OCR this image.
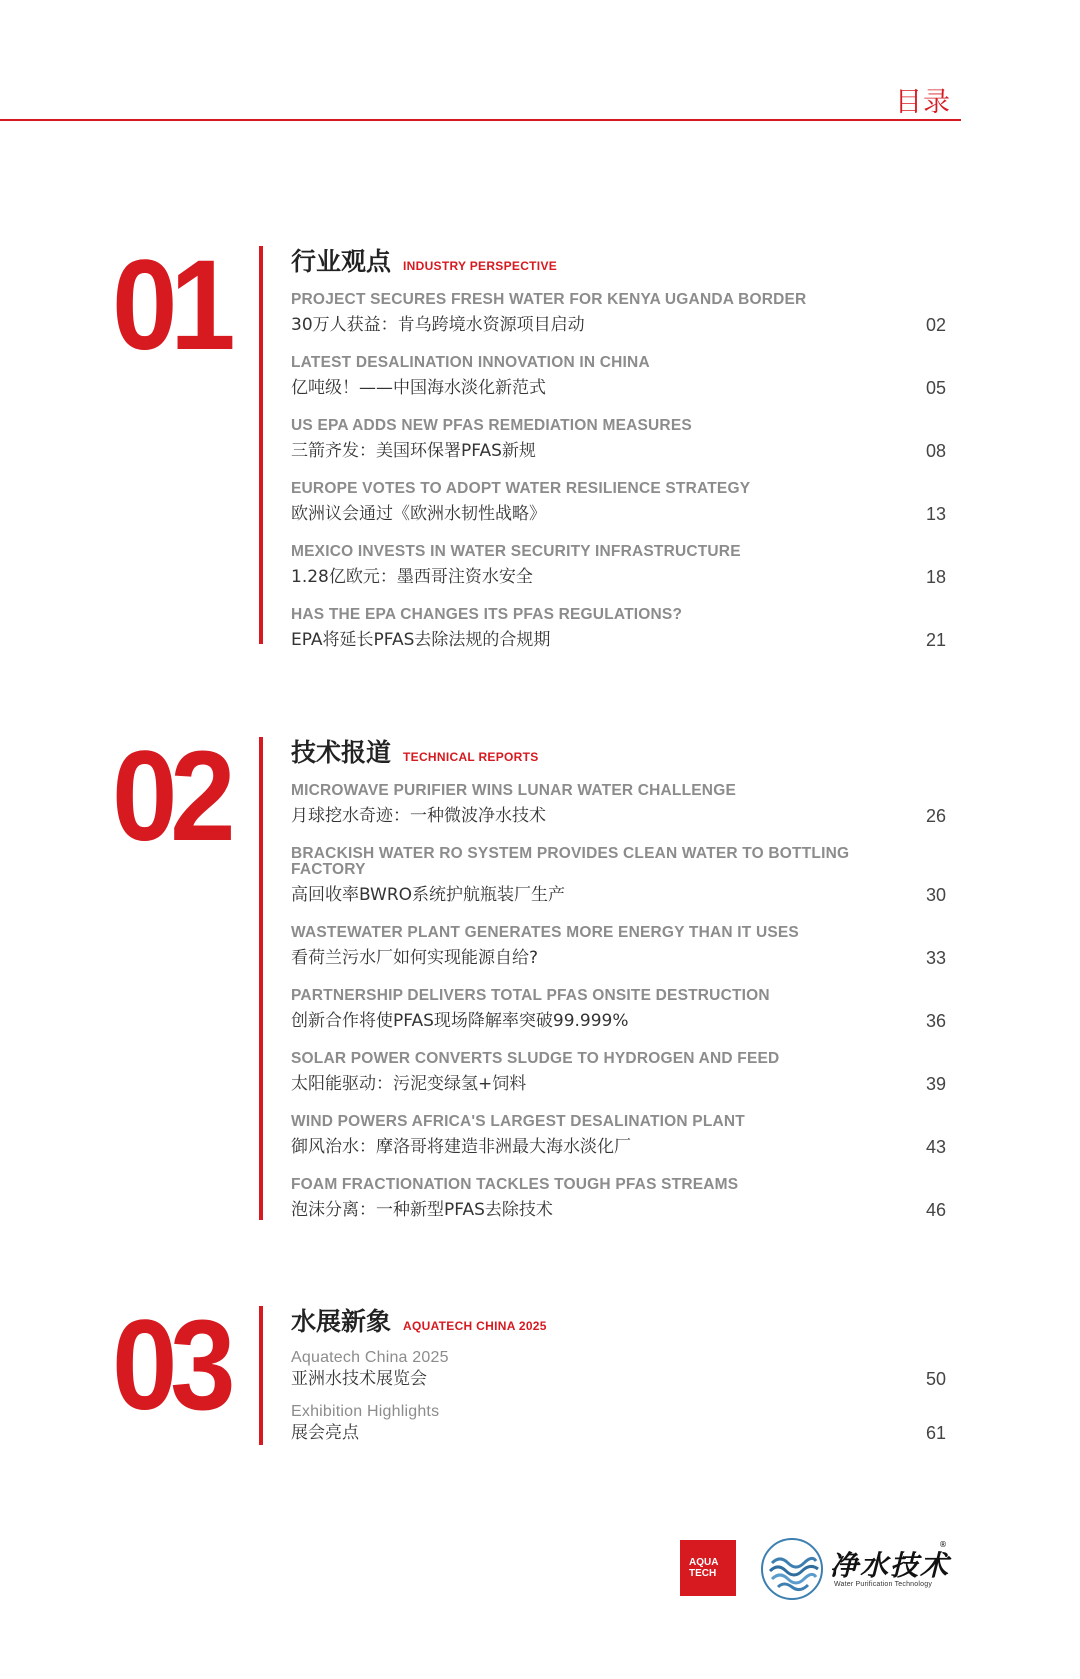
目录
01	行业观点 INDUSTRY PERSPECTIVE
PROJECT SECURES FRESH WATER FOR KENYA UGANDA BORDER
30万人获益：肯乌跨境水资源项目启动	02
LATEST DESALINATION INNOVATION IN CHINA
亿吨级！——中国海水淡化新范式	05
US EPA ADDS NEW PFAS REMEDIATION MEASURES
三箭齐发：美国环保署PFAS新规	08
EUROPE VOTES TO ADOPT WATER RESILIENCE STRATEGY
欧洲议会通过《欧洲水韧性战略》	13
MEXICO INVESTS IN WATER SECURITY INFRASTRUCTURE
1.28亿欧元：墨西哥注资水安全	18
HAS THE EPA CHANGES ITS PFAS REGULATIONS?
EPA将延长PFAS去除法规的合规期	21
02	技术报道 TECHNICAL REPORTS
MICROWAVE PURIFIER WINS LUNAR WATER CHALLENGE
月球挖水奇迹：一种微波净水技术	26
BRACKISH WATER RO SYSTEM PROVIDES CLEAN WATER TO BOTTLING FACTORY
高回收率BWRO系统护航瓶装厂生产	30
WASTEWATER PLANT GENERATES MORE ENERGY THAN IT USES
看荷兰污水厂如何实现能源自给?	33
PARTNERSHIP DELIVERS TOTAL PFAS ONSITE DESTRUCTION
创新合作将使PFAS现场降解率突破99.999%	36
SOLAR POWER CONVERTS SLUDGE TO HYDROGEN AND FEED
太阳能驱动：污泥变绿氢+饲料	39
WIND POWERS AFRICA'S LARGEST DESALINATION PLANT
御风治水：摩洛哥将建造非洲最大海水淡化厂	43
FOAM FRACTIONATION TACKLES TOUGH PFAS STREAMS
泡沫分离：一种新型PFAS去除技术	46
03	水展新象 AQUATECH CHINA 2025
Aquatech China 2025
亚洲水技术展览会	50
Exhibition Highlights
展会亮点	61
AQUA
TECH	净水技术
®
Water Purification Technology
